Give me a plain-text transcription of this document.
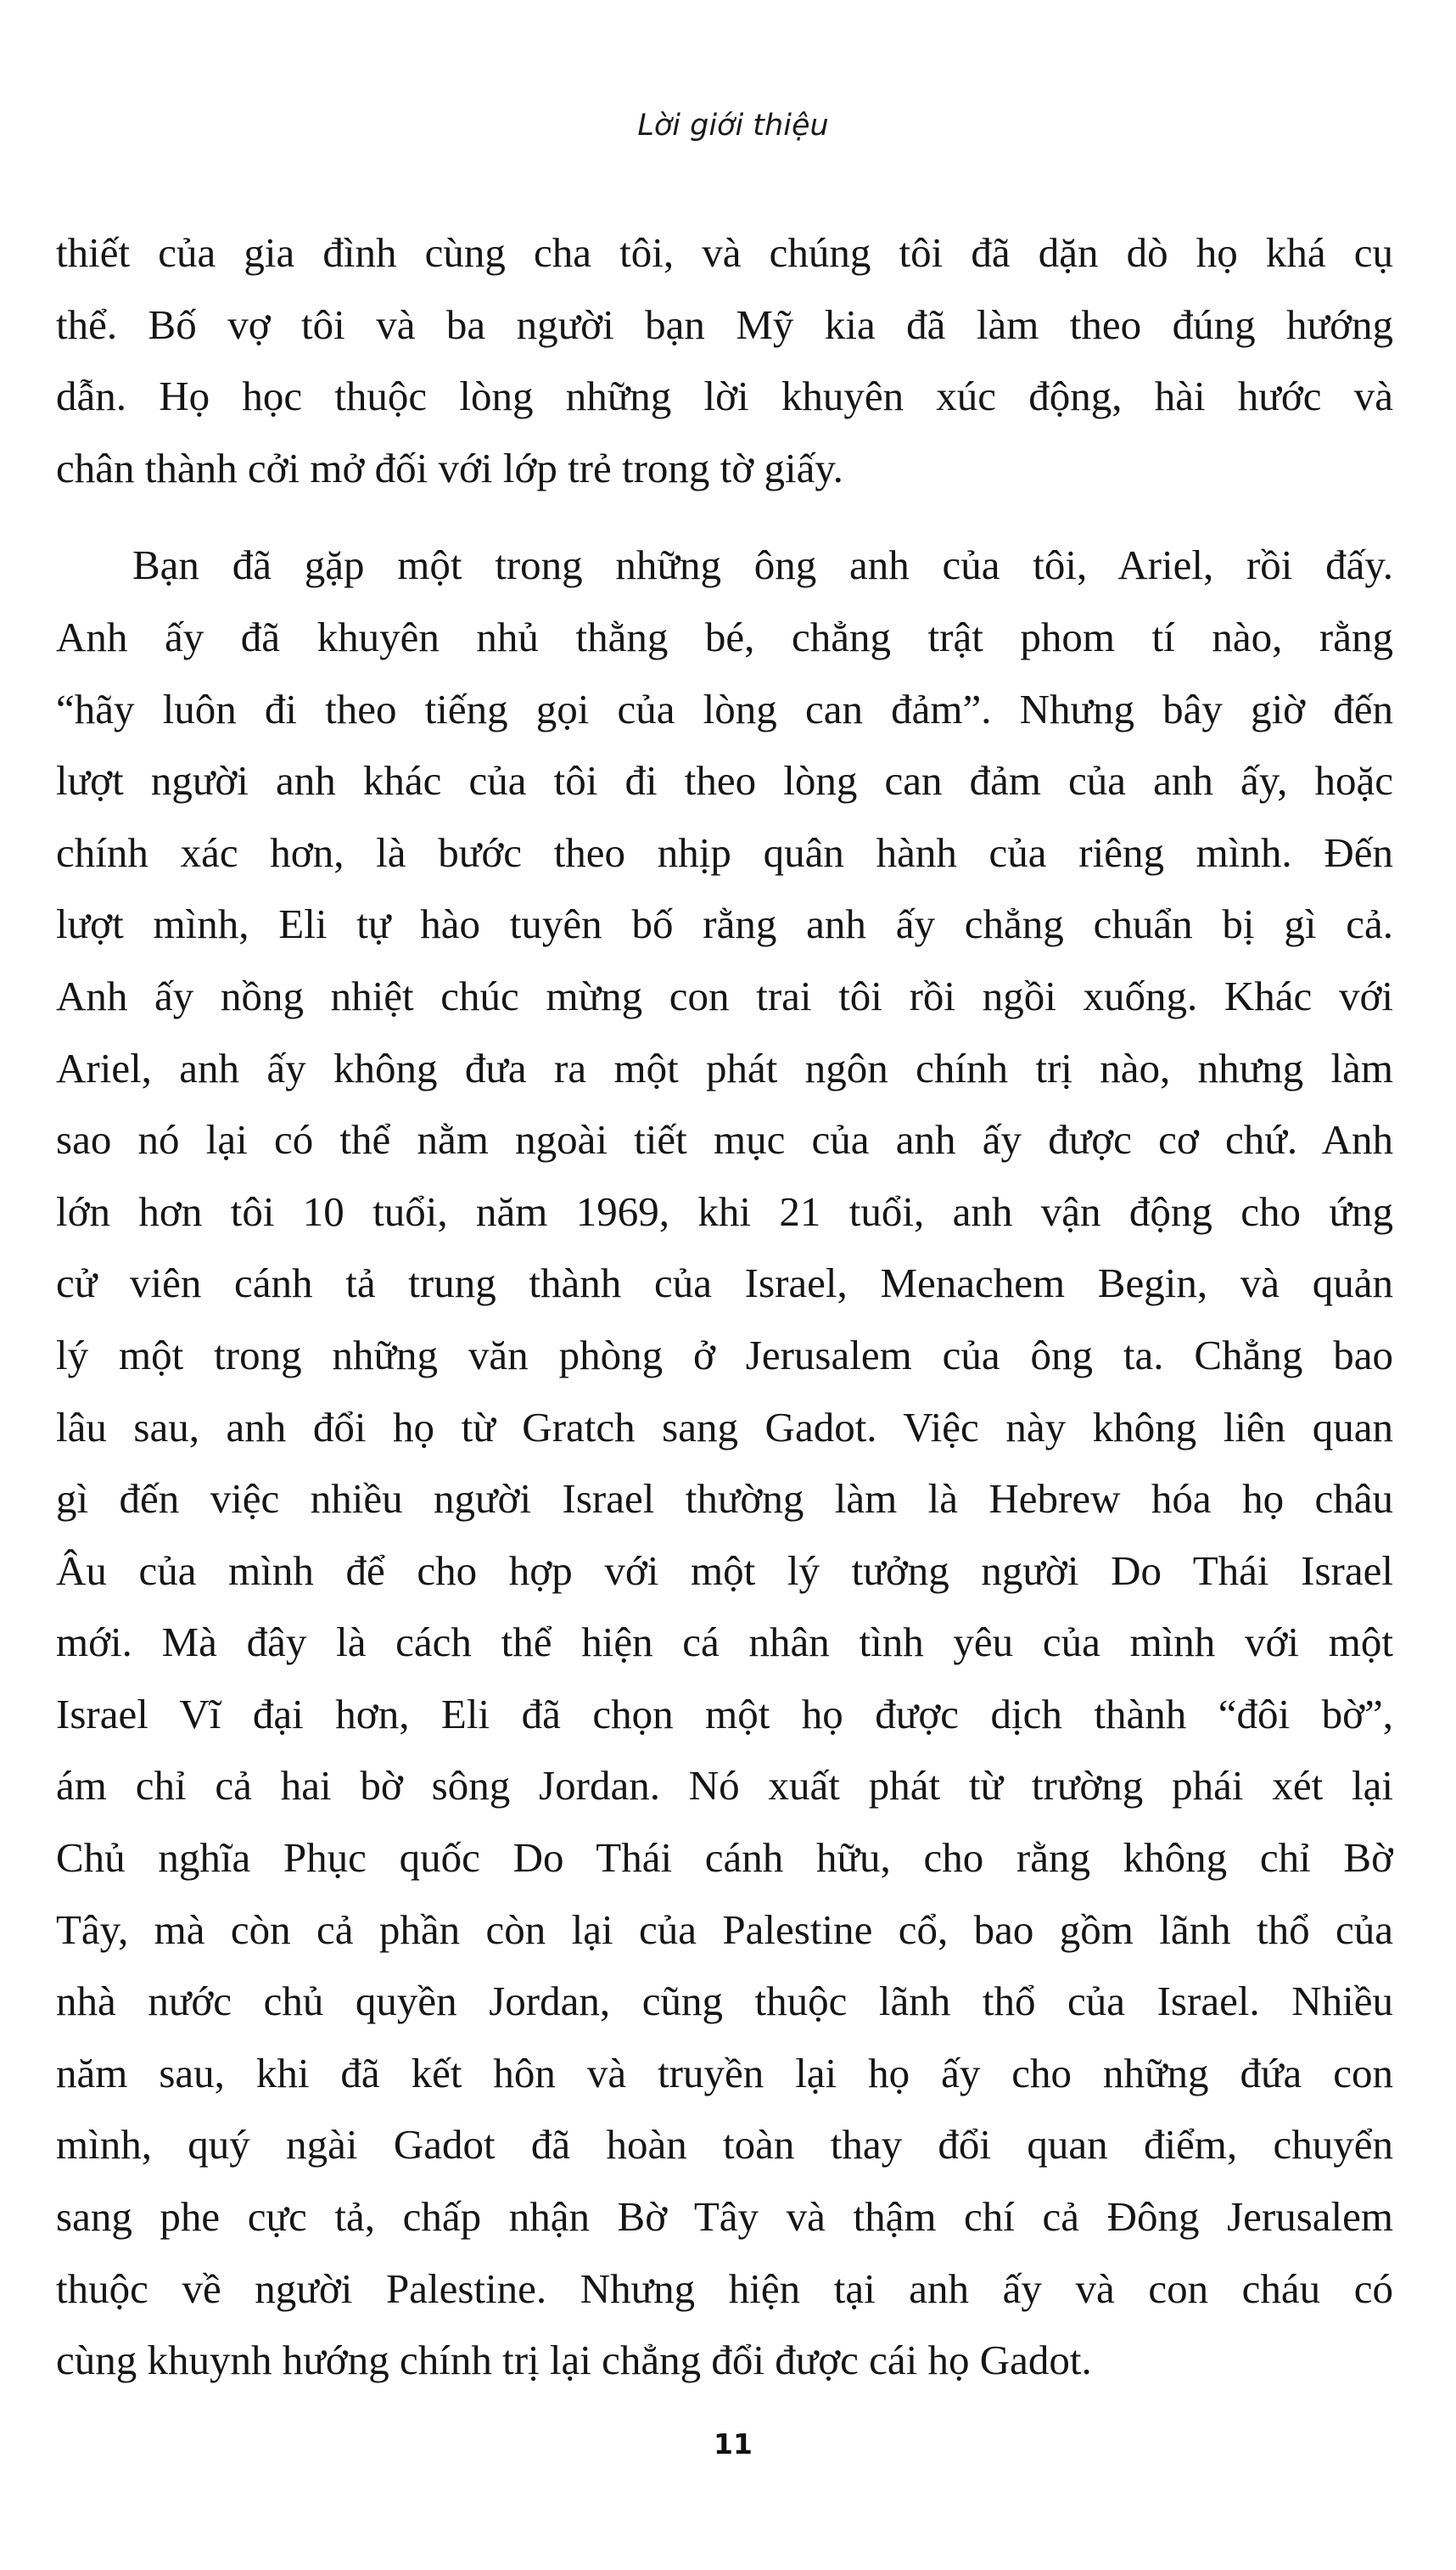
Lời giới thiệu
thiết của gia đình cùng cha tôi, và chúng tôi đã dặn dò họ khá cụ
thể. Bố vợ tôi và ba người bạn Mỹ kia đã làm theo đúng hướng
dẫn. Họ học thuộc lòng những lời khuyên xúc động, hài hước và
chân thành cởi mở đối với lớp trẻ trong tờ giấy.
Bạn đã gặp một trong những ông anh của tôi, Ariel, rồi đấy.
Anh ấy đã khuyên nhủ thằng bé, chẳng trật phom tí nào, rằng
“hãy luôn đi theo tiếng gọi của lòng can đảm”. Nhưng bây giờ đến
lượt người anh khác của tôi đi theo lòng can đảm của anh ấy, hoặc
chính xác hơn, là bước theo nhịp quân hành của riêng mình. Đến
lượt mình, Eli tự hào tuyên bố rằng anh ấy chẳng chuẩn bị gì cả.
Anh ấy nồng nhiệt chúc mừng con trai tôi rồi ngồi xuống. Khác với
Ariel, anh ấy không đưa ra một phát ngôn chính trị nào, nhưng làm
sao nó lại có thể nằm ngoài tiết mục của anh ấy được cơ chứ. Anh
lớn hơn tôi 10 tuổi, năm 1969, khi 21 tuổi, anh vận động cho ứng
cử viên cánh tả trung thành của Israel, Menachem Begin, và quản
lý một trong những văn phòng ở Jerusalem của ông ta. Chẳng bao
lâu sau, anh đổi họ từ Gratch sang Gadot. Việc này không liên quan
gì đến việc nhiều người Israel thường làm là Hebrew hóa họ châu
Âu của mình để cho hợp với một lý tưởng người Do Thái Israel
mới. Mà đây là cách thể hiện cá nhân tình yêu của mình với một
Israel Vĩ đại hơn, Eli đã chọn một họ được dịch thành “đôi bờ”,
ám chỉ cả hai bờ sông Jordan. Nó xuất phát từ trường phái xét lại
Chủ nghĩa Phục quốc Do Thái cánh hữu, cho rằng không chỉ Bờ
Tây, mà còn cả phần còn lại của Palestine cổ, bao gồm lãnh thổ của
nhà nước chủ quyền Jordan, cũng thuộc lãnh thổ của Israel. Nhiều
năm sau, khi đã kết hôn và truyền lại họ ấy cho những đứa con
mình, quý ngài Gadot đã hoàn toàn thay đổi quan điểm, chuyển
sang phe cực tả, chấp nhận Bờ Tây và thậm chí cả Đông Jerusalem
thuộc về người Palestine. Nhưng hiện tại anh ấy và con cháu có
cùng khuynh hướng chính trị lại chẳng đổi được cái họ Gadot.
11
